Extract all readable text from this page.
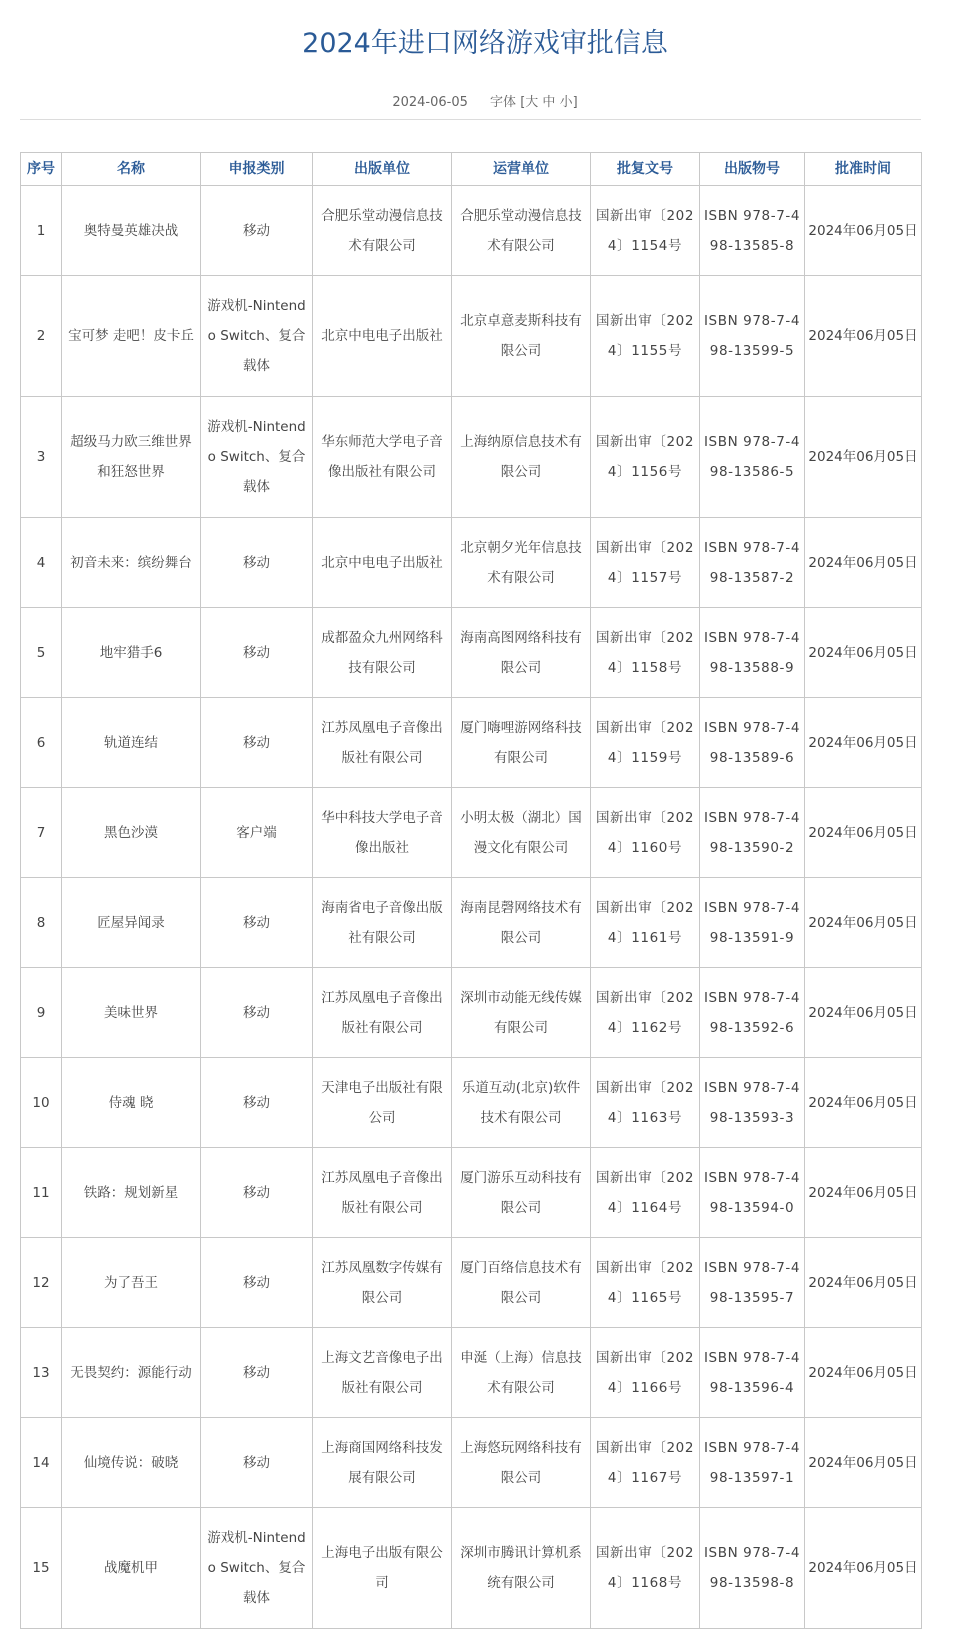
2024年进口网络游戏审批信息
2024-06-05 字体 [大 中 小]
序号	名称	申报类别	出版单位	运营单位	批复文号	出版物号	批准时间
1	奥特曼英雄决战	移动	合肥乐堂动漫信息技术有限公司	合肥乐堂动漫信息技术有限公司	国新出审〔2024〕1154号	ISBN 978-7-498-13585-8	2024年06月05日
2	宝可梦 走吧！皮卡丘	游戏机-Nintendo Switch、复合载体	北京中电电子出版社	北京卓意麦斯科技有限公司	国新出审〔2024〕1155号	ISBN 978-7-498-13599-5	2024年06月05日
3	超级马力欧三维世界和狂怒世界	游戏机-Nintendo Switch、复合载体	华东师范大学电子音像出版社有限公司	上海纳原信息技术有限公司	国新出审〔2024〕1156号	ISBN 978-7-498-13586-5	2024年06月05日
4	初音未来：缤纷舞台	移动	北京中电电子出版社	北京朝夕光年信息技术有限公司	国新出审〔2024〕1157号	ISBN 978-7-498-13587-2	2024年06月05日
5	地牢猎手6	移动	成都盈众九州网络科技有限公司	海南高图网络科技有限公司	国新出审〔2024〕1158号	ISBN 978-7-498-13588-9	2024年06月05日
6	轨道连结	移动	江苏凤凰电子音像出版社有限公司	厦门嗨哩游网络科技有限公司	国新出审〔2024〕1159号	ISBN 978-7-498-13589-6	2024年06月05日
7	黑色沙漠	客户端	华中科技大学电子音像出版社	小明太极（湖北）国漫文化有限公司	国新出审〔2024〕1160号	ISBN 978-7-498-13590-2	2024年06月05日
8	匠屋异闻录	移动	海南省电子音像出版社有限公司	海南昆磬网络技术有限公司	国新出审〔2024〕1161号	ISBN 978-7-498-13591-9	2024年06月05日
9	美味世界	移动	江苏凤凰电子音像出版社有限公司	深圳市动能无线传媒有限公司	国新出审〔2024〕1162号	ISBN 978-7-498-13592-6	2024年06月05日
10	侍魂 晓	移动	天津电子出版社有限公司	乐道互动(北京)软件技术有限公司	国新出审〔2024〕1163号	ISBN 978-7-498-13593-3	2024年06月05日
11	铁路：规划新星	移动	江苏凤凰电子音像出版社有限公司	厦门游乐互动科技有限公司	国新出审〔2024〕1164号	ISBN 978-7-498-13594-0	2024年06月05日
12	为了吾王	移动	江苏凤凰数字传媒有限公司	厦门百络信息技术有限公司	国新出审〔2024〕1165号	ISBN 978-7-498-13595-7	2024年06月05日
13	无畏契约：源能行动	移动	上海文艺音像电子出版社有限公司	申涎（上海）信息技术有限公司	国新出审〔2024〕1166号	ISBN 978-7-498-13596-4	2024年06月05日
14	仙境传说：破晓	移动	上海商国网络科技发展有限公司	上海悠玩网络科技有限公司	国新出审〔2024〕1167号	ISBN 978-7-498-13597-1	2024年06月05日
15	战魔机甲	游戏机-Nintendo Switch、复合载体	上海电子出版有限公司	深圳市腾讯计算机系统有限公司	国新出审〔2024〕1168号	ISBN 978-7-498-13598-8	2024年06月05日
